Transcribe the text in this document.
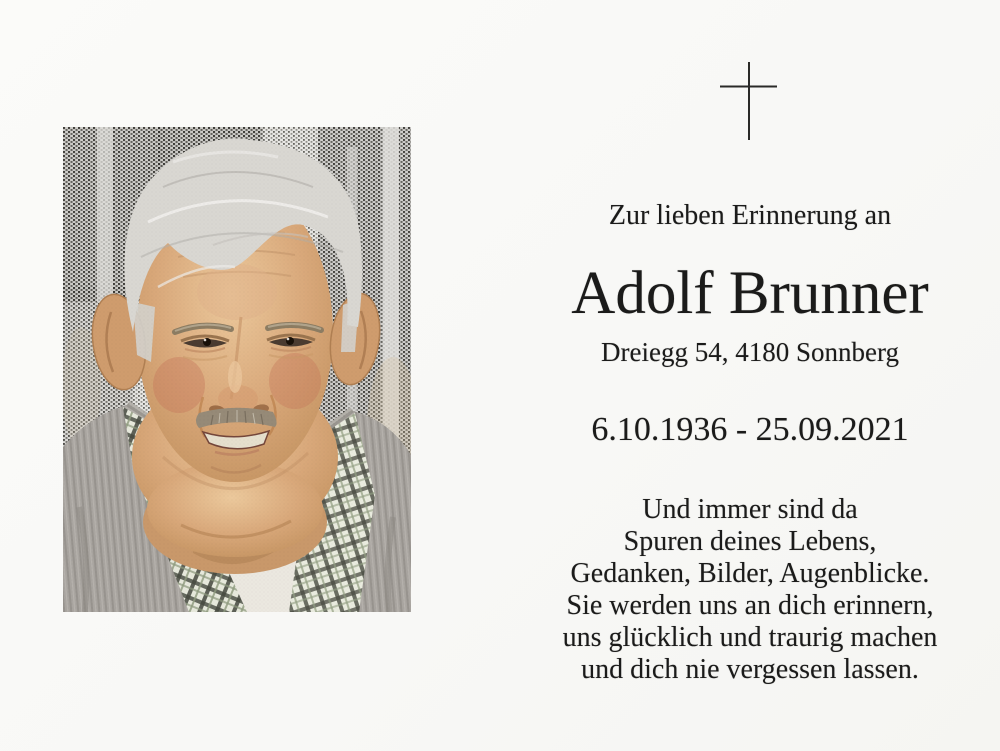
Zur lieben Erinnerung an
Adolf Brunner
Dreiegg 54, 4180 Sonnberg
6.10.1936 - 25.09.2021
Und immer sind da
Spuren deines Lebens,
Gedanken, Bilder, Augenblicke.
Sie werden uns an dich erinnern,
uns glücklich und traurig machen
und dich nie vergessen lassen.
